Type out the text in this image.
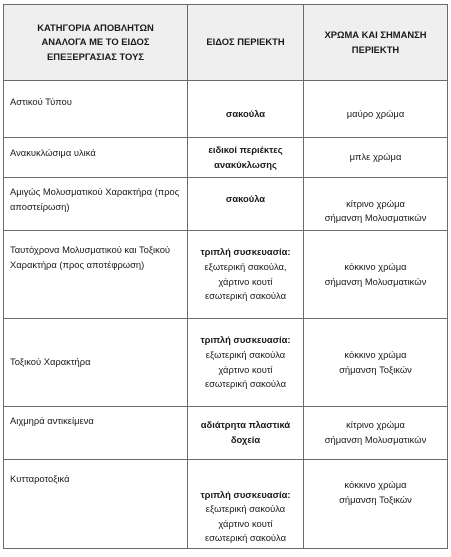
ΚΑΤΗΓΟΡΙΑ ΑΠΟΒΛΗΤΩΝ ΑΝΑΛΟΓΑ ΜΕ ΤΟ ΕΙΔΟΣ ΕΠΕΞΕΡΓΑΣΙΑΣ ΤΟΥΣ	ΕΙΔΟΣ ΠΕΡΙΕΚΤΗ	ΧΡΩΜΑ ΚΑΙ ΣΗΜΑΝΣΗ ΠΕΡΙΕΚΤΗ
Αστικού Τύπου	σακούλα	μαύρο χρώμα

Ανακυκλώσιμα υλικά	ειδικοί περιέκτες ανακύκλωσης	μπλε χρώμα

Αμιγώς Μολυσματικού Χαρακτήρα (προς αποστείρωση)	σακούλα	κίτρινο χρώμα
σήμανση Μολυσματικών

Ταυτόχρονα Μολυσματικού και Τοξικού Χαρακτήρα (προς αποτέφρωση)	τριπλή συσκευασία:
εξωτερική σακούλα,
χάρτινο κουτί
εσωτερική σακούλα	κόκκινο χρώμα
σήμανση Μολυσματικών

Τοξικού Χαρακτήρα	τριπλή συσκευασία:
εξωτερική σακούλα
χάρτινο κουτί
εσωτερική σακούλα	κόκκινο χρώμα
σήμανση Τοξικών

Αιχμηρά αντικείμενα	αδιάτρητα πλαστικά δοχεία	κίτρινο χρώμα
σήμανση Μολυσματικών

Κυτταροτοξικά	τριπλή συσκευασία:
εξωτερική σακούλα
χάρτινο κουτί
εσωτερική σακούλα	κόκκινο χρώμα
σήμανση Τοξικών
